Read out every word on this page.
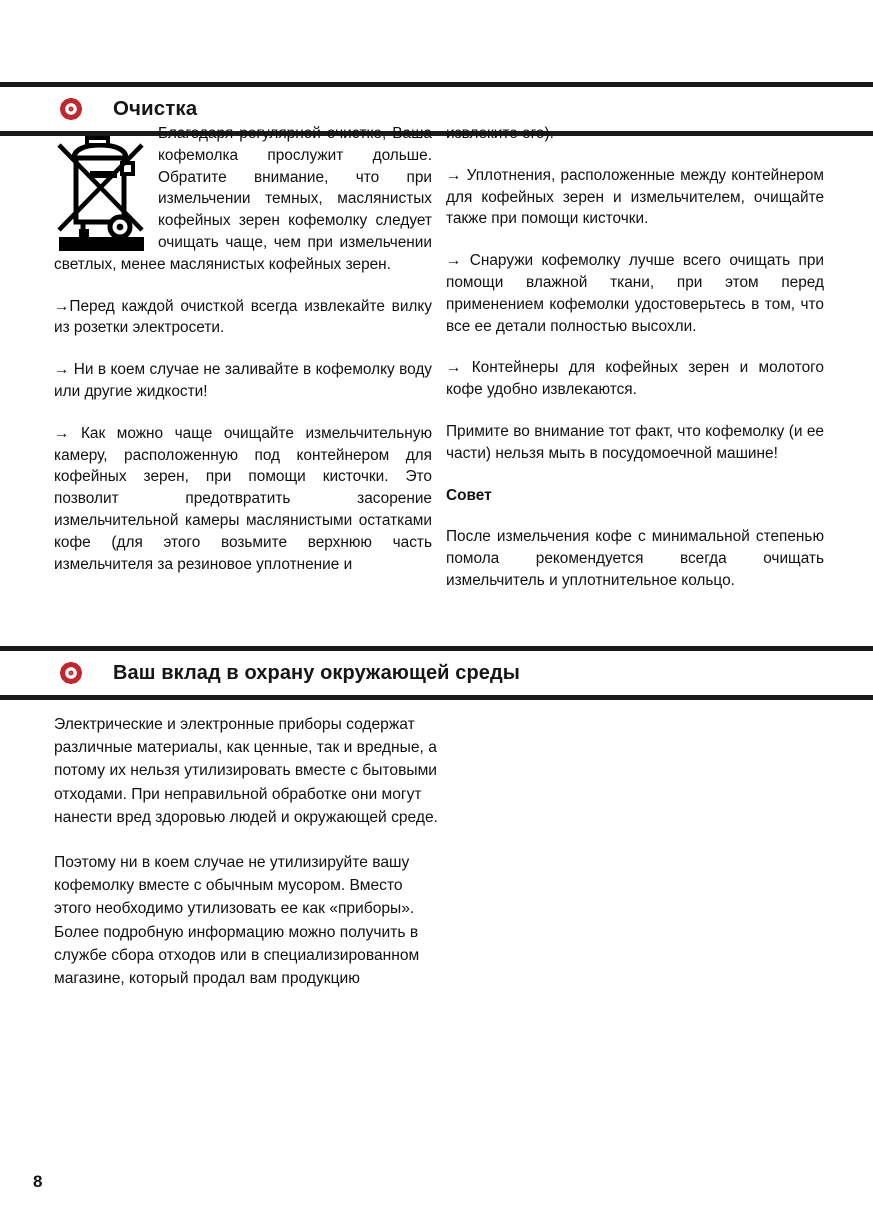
Очистка

Благодаря регулярной очистке, Ваша кофемолка прослужит дольше. Обратите внимание, что при измельчении темных, маслянистых кофейных зерен кофемолку следует очищать чаще, чем при измельчении светлых, менее маслянистых кофейных зерен.

→Перед каждой очисткой всегда извлекайте вилку из розетки электросети.

→ Ни в коем случае не заливайте в кофемолку воду или другие жидкости!

→ Как можно чаще очищайте измельчительную камеру, расположенную под контейнером для кофейных зерен, при помощи кисточки. Это позволит предотвратить засорение измельчительной камеры маслянистыми остатками кофе (для этого возьмите верхнюю часть измельчителя за резиновое уплотнение и

извлеките его).

→ Уплотнения, расположенные между контейнером для кофейных зерен и измельчителем, очищайте также при помощи кисточки.

→ Снаружи кофемолку лучше всего очищать при помощи влажной ткани, при этом перед применением кофемолки удостоверьтесь в том, что все ее детали полностью высохли.

→ Контейнеры для кофейных зерен и молотого кофе удобно извлекаются.

Примите во внимание тот факт, что кофемолку (и ее части) нельзя мыть в посудомоечной машине!

Совет

После измельчения кофе с минимальной степенью помола рекомендуется всегда очищать измельчитель и уплотнительное кольцо.

Ваш вклад в охрану окружающей среды

Электрические и электронные приборы содержат различные материалы, как ценные, так и вредные, а потому их нельзя утилизировать вместе с бытовыми отходами. При неправильной обработке они могут нанести вред здоровью людей и окружающей среде.

Поэтому ни в коем случае не утилизируйте вашу кофемолку вместе с обычным мусором. Вместо этого необходимо утилизовать ее как «приборы». Более подробную информацию можно получить в службе сбора отходов или в специализированном магазине, который продал вам продукцию

8
